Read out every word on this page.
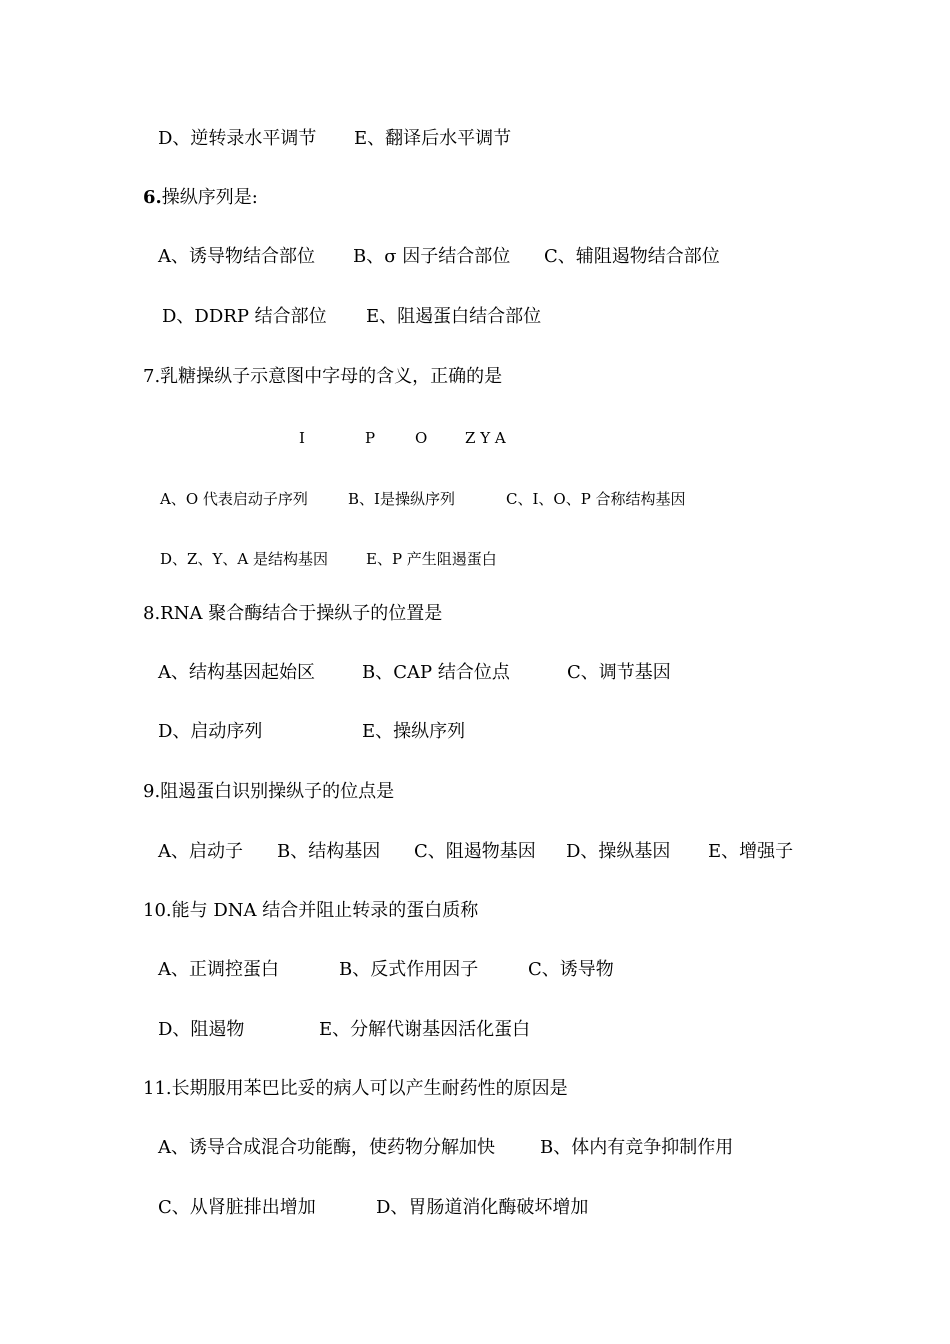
D、逆转录水平调节 E、翻译后水平调节
6.操纵序列是:
A、诱导物结合部位 B、σ 因子结合部位 C、辅阻遏物结合部位
D、DDRP 结合部位 E、阻遏蛋白结合部位
7.乳糖操纵子示意图中字母的含义，正确的是
I	P	O	Z Y A
A、O 代表启动子序列	B、Ⅰ是操纵序列	C、I、O、P 合称结构基因
D、Z、Y、A 是结构基因	E、P 产生阻遏蛋白
8.RNA 聚合酶结合于操纵子的位置是
A、结构基因起始区	B、CAP 结合位点	C、调节基因
D、启动序列	E、操纵序列
9.阻遏蛋白识别操纵子的位点是
A、启动子 B、结构基因 C、阻遏物基因 D、操纵基因 E、增强子
10.能与 DNA 结合并阻止转录的蛋白质称
A、正调控蛋白	B、反式作用因子	C、诱导物
D、阻遏物	E、分解代谢基因活化蛋白
11.长期服用苯巴比妥的病人可以产生耐药性的原因是
A、诱导合成混合功能酶，使药物分解加快	B、体内有竞争抑制作用
C、从肾脏排出增加	D、胃肠道消化酶破坏增加
